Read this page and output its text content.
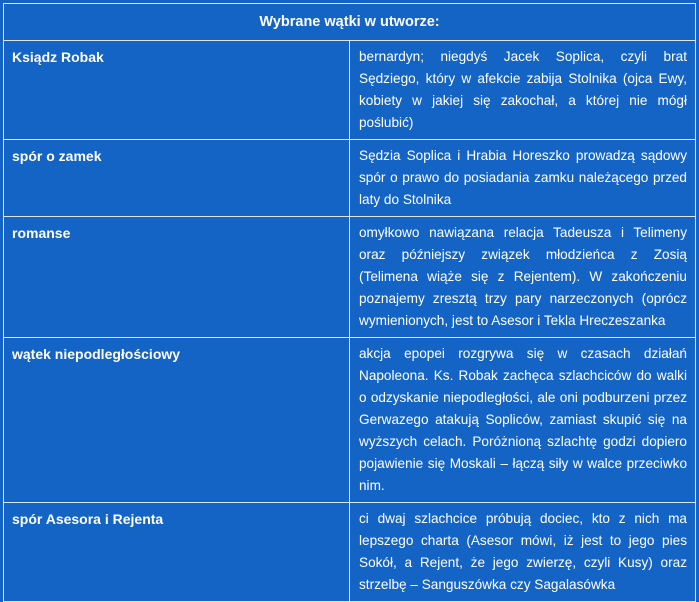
Wybrane wątki w utworze:	
Ksiądz Robak	bernardyn; niegdyś Jacek Soplica, czyli brat Sędziego, który w afekcie zabija Stolnika (ojca Ewy, kobiety w jakiej się zakochał, a której nie mógł poślubić)
spór o zamek	Sędzia Soplica i Hrabia Horeszko prowadzą sądowy spór o prawo do posiadania zamku należącego przed laty do Stolnika
romanse	omyłkowo nawiązana relacja Tadeusza i Telimeny oraz późniejszy związek młodzieńca z Zosią (Telimena wiąże się z Rejentem). W zakończeniu poznajemy zresztą trzy pary narzeczonych (oprócz wymienionych, jest to Asesor i Tekla Hreczeszanka
wątek niepodległościowy	akcja epopei rozgrywa się w czasach działań Napoleona. Ks. Robak zachęca szlachciców do walki o odzyskanie niepodległości, ale oni podburzeni przez Gerwazego atakują Sopliców, zamiast skupić się na wyższych celach. Poróżnioną szlachtę godzi dopiero pojawienie się Moskali – łączą siły w walce przeciwko nim.
spór Asesora i Rejenta	ci dwaj szlachcice próbują dociec, kto z nich ma lepszego charta (Asesor mówi, iż jest to jego pies Sokół, a Rejent, że jego zwierzę, czyli Kusy) oraz strzelbę – Sanguszówka czy Sagalasówka
